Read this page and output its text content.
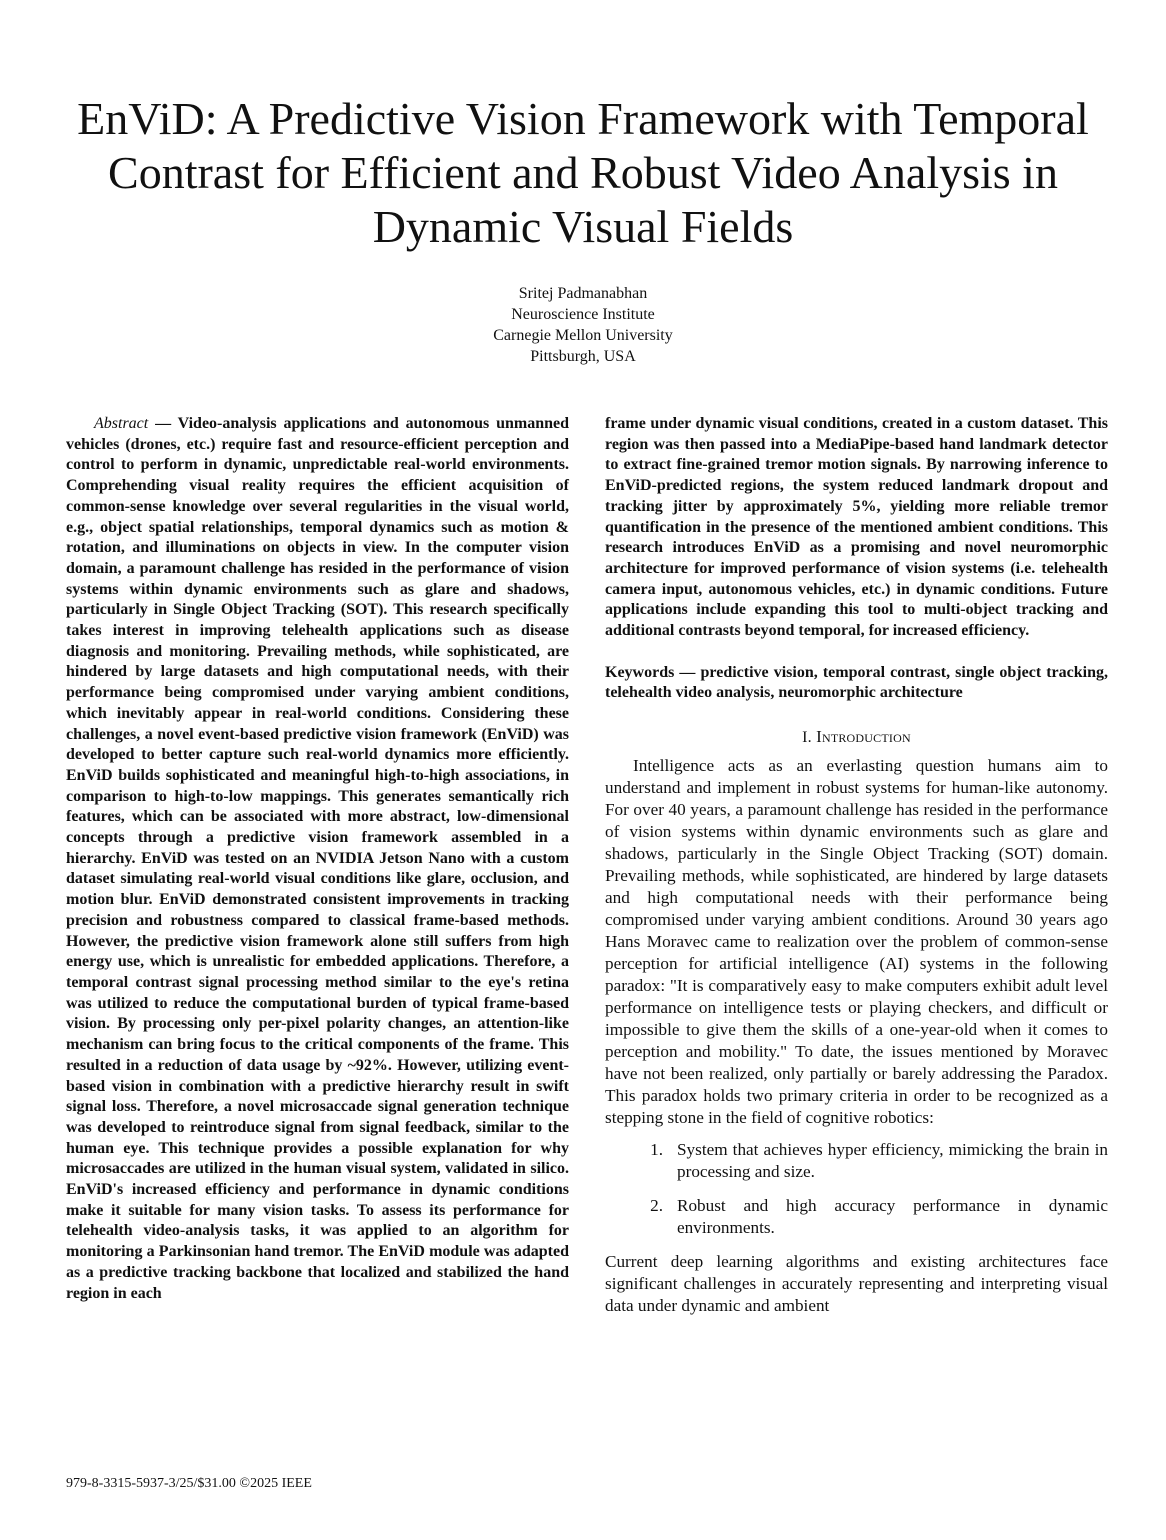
EnViD: A Predictive Vision Framework with Temporal Contrast for Efficient and Robust Video Analysis in Dynamic Visual Fields
Sritej Padmanabhan
Neuroscience Institute
Carnegie Mellon University
Pittsburgh, USA

Abstract — Video-analysis applications and autonomous unmanned vehicles (drones, etc.) require fast and resource-efficient perception and control to perform in dynamic, unpredictable real-world environments. Comprehending visual reality requires the efficient acquisition of common-sense knowledge over several regularities in the visual world, e.g., object spatial relationships, temporal dynamics such as motion & rotation, and illuminations on objects in view. In the computer vision domain, a paramount challenge has resided in the performance of vision systems within dynamic environments such as glare and shadows, particularly in Single Object Tracking (SOT). This research specifically takes interest in improving telehealth applications such as disease diagnosis and monitoring. Prevailing methods, while sophisticated, are hindered by large datasets and high computational needs, with their performance being compromised under varying ambient conditions, which inevitably appear in real-world conditions. Considering these challenges, a novel event-based predictive vision framework (EnViD) was developed to better capture such real-world dynamics more efficiently. EnViD builds sophisticated and meaningful high-to-high associations, in comparison to high-to-low mappings. This generates semantically rich features, which can be associated with more abstract, low-dimensional concepts through a predictive vision framework assembled in a hierarchy. EnViD was tested on an NVIDIA Jetson Nano with a custom dataset simulating real-world visual conditions like glare, occlusion, and motion blur. EnViD demonstrated consistent improvements in tracking precision and robustness compared to classical frame-based methods. However, the predictive vision framework alone still suffers from high energy use, which is unrealistic for embedded applications. Therefore, a temporal contrast signal processing method similar to the eye's retina was utilized to reduce the computational burden of typical frame-based vision. By processing only per-pixel polarity changes, an attention-like mechanism can bring focus to the critical components of the frame. This resulted in a reduction of data usage by ~92%. However, utilizing event-based vision in combination with a predictive hierarchy result in swift signal loss. Therefore, a novel microsaccade signal generation technique was developed to reintroduce signal from signal feedback, similar to the human eye. This technique provides a possible explanation for why microsaccades are utilized in the human visual system, validated in silico. EnViD's increased efficiency and performance in dynamic conditions make it suitable for many vision tasks. To assess its performance for telehealth video-analysis tasks, it was applied to an algorithm for monitoring a Parkinsonian hand tremor. The EnViD module was adapted as a predictive tracking backbone that localized and stabilized the hand region in each

frame under dynamic visual conditions, created in a custom dataset. This region was then passed into a MediaPipe-based hand landmark detector to extract fine-grained tremor motion signals. By narrowing inference to EnViD-predicted regions, the system reduced landmark dropout and tracking jitter by approximately 5%, yielding more reliable tremor quantification in the presence of the mentioned ambient conditions. This research introduces EnViD as a promising and novel neuromorphic architecture for improved performance of vision systems (i.e. telehealth camera input, autonomous vehicles, etc.) in dynamic conditions. Future applications include expanding this tool to multi-object tracking and additional contrasts beyond temporal, for increased efficiency.

Keywords — predictive vision, temporal contrast, single object tracking, telehealth video analysis, neuromorphic architecture

I. Introduction

Intelligence acts as an everlasting question humans aim to understand and implement in robust systems for human-like autonomy. For over 40 years, a paramount challenge has resided in the performance of vision systems within dynamic environments such as glare and shadows, particularly in the Single Object Tracking (SOT) domain. Prevailing methods, while sophisticated, are hindered by large datasets and high computational needs with their performance being compromised under varying ambient conditions. Around 30 years ago Hans Moravec came to realization over the problem of common-sense perception for artificial intelligence (AI) systems in the following paradox: "It is comparatively easy to make computers exhibit adult level performance on intelligence tests or playing checkers, and difficult or impossible to give them the skills of a one-year-old when it comes to perception and mobility." To date, the issues mentioned by Moravec have not been realized, only partially or barely addressing the Paradox. This paradox holds two primary criteria in order to be recognized as a stepping stone in the field of cognitive robotics:

1. System that achieves hyper efficiency, mimicking the brain in processing and size.
2. Robust and high accuracy performance in dynamic environments.

Current deep learning algorithms and existing architectures face significant challenges in accurately representing and interpreting visual data under dynamic and ambient

979-8-3315-5937-3/25/$31.00 ©2025 IEEE
